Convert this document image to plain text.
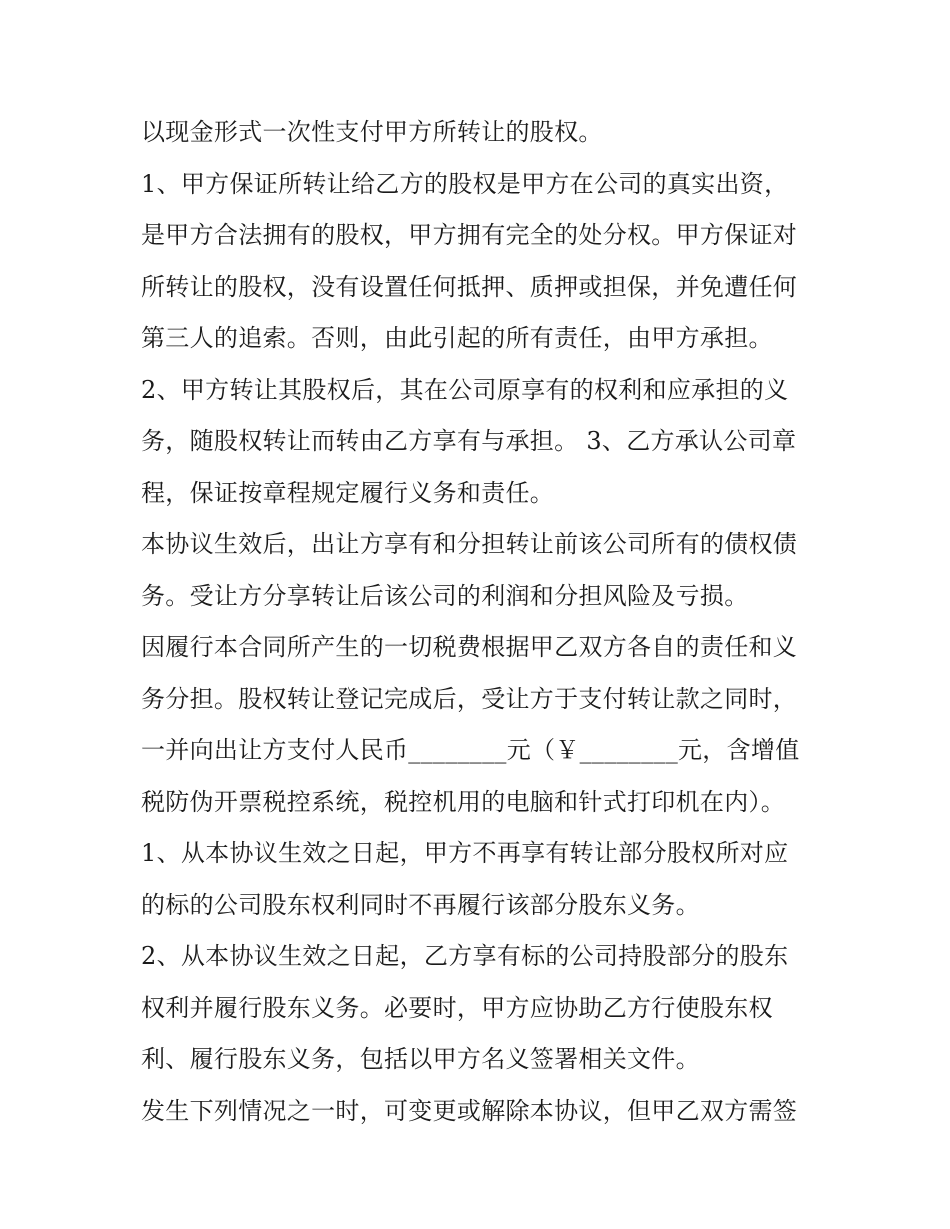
以现金形式一次性支付甲方所转让的股权。
1、甲方保证所转让给乙方的股权是甲方在公司的真实出资，
是甲方合法拥有的股权，甲方拥有完全的处分权。甲方保证对
所转让的股权，没有设置任何抵押、质押或担保，并免遭任何
第三人的追索。否则，由此引起的所有责任，由甲方承担。
2、甲方转让其股权后，其在公司原享有的权利和应承担的义
务，随股权转让而转由乙方享有与承担。 3、乙方承认公司章
程，保证按章程规定履行义务和责任。
本协议生效后，出让方享有和分担转让前该公司所有的债权债
务。受让方分享转让后该公司的利润和分担风险及亏损。
因履行本合同所产生的一切税费根据甲乙双方各自的责任和义
务分担。股权转让登记完成后，受让方于支付转让款之同时，
一并向出让方支付人民币________元（￥________元，含增值
税防伪开票税控系统，税控机用的电脑和针式打印机在内）。
1、从本协议生效之日起，甲方不再享有转让部分股权所对应
的标的公司股东权利同时不再履行该部分股东义务。
2、从本协议生效之日起，乙方享有标的公司持股部分的股东
权利并履行股东义务。必要时，甲方应协助乙方行使股东权
利、履行股东义务，包括以甲方名义签署相关文件。
发生下列情况之一时，可变更或解除本协议，但甲乙双方需签
